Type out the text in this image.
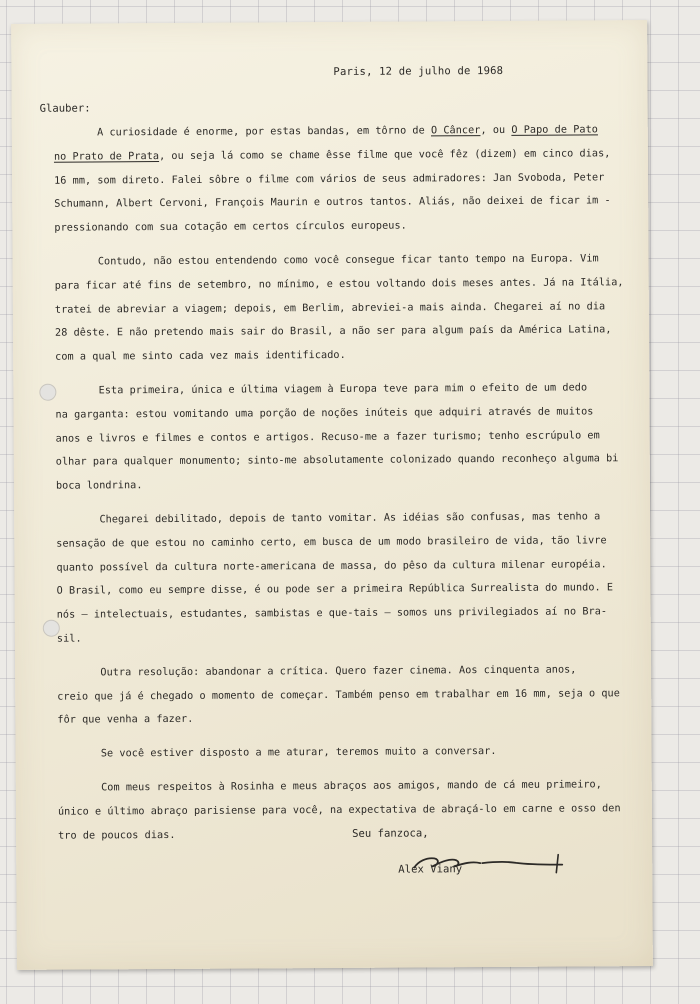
Paris, 12 de julho de 1968
Glauber:
A curiosidade é enorme, por estas bandas, em tôrno de O Câncer, ou O Papo de Pato
no Prato de Prata, ou seja lá como se chame êsse filme que você fêz (dizem) em cinco dias,
16 mm, som direto. Falei sôbre o filme com vários de seus admiradores: Jan Svoboda, Peter
Schumann, Albert Cervoni, François Maurin e outros tantos. Aliás, não deixei de ficar im -
pressionando com sua cotação em certos círculos europeus.
Contudo, não estou entendendo como você consegue ficar tanto tempo na Europa. Vim
para ficar até fins de setembro, no mínimo, e estou voltando dois meses antes. Já na Itália,
tratei de abreviar a viagem; depois, em Berlim, abreviei-a mais ainda. Chegarei aí no dia
28 dêste. E não pretendo mais sair do Brasil, a não ser para algum país da América Latina,
com a qual me sinto cada vez mais identificado.
Esta primeira, única e última viagem à Europa teve para mim o efeito de um dedo
na garganta: estou vomitando uma porção de noções inúteis que adquiri através de muitos
anos e livros e filmes e contos e artigos. Recuso-me a fazer turismo; tenho escrúpulo em
olhar para qualquer monumento; sinto-me absolutamente colonizado quando reconheço alguma bi
boca londrina.
Chegarei debilitado, depois de tanto vomitar. As idéias são confusas, mas tenho a
sensação de que estou no caminho certo, em busca de um modo brasileiro de vida, tão livre
quanto possível da cultura norte-americana de massa, do pêso da cultura milenar européia.
O Brasil, como eu sempre disse, é ou pode ser a primeira República Surrealista do mundo. E
nós — intelectuais, estudantes, sambistas e que-tais — somos uns privilegiados aí no Bra-
sil.
Outra resolução: abandonar a crítica. Quero fazer cinema. Aos cinquenta anos,
creio que já é chegado o momento de começar. Também penso em trabalhar em 16 mm, seja o que
fôr que venha a fazer.
Se você estiver disposto a me aturar, teremos muito a conversar.
Com meus respeitos à Rosinha e meus abraços aos amigos, mando de cá meu primeiro,
único e último abraço parisiense para você, na expectativa de abraçá-lo em carne e osso den
tro de poucos dias.	Seu fanzoca,
Alex Viany
